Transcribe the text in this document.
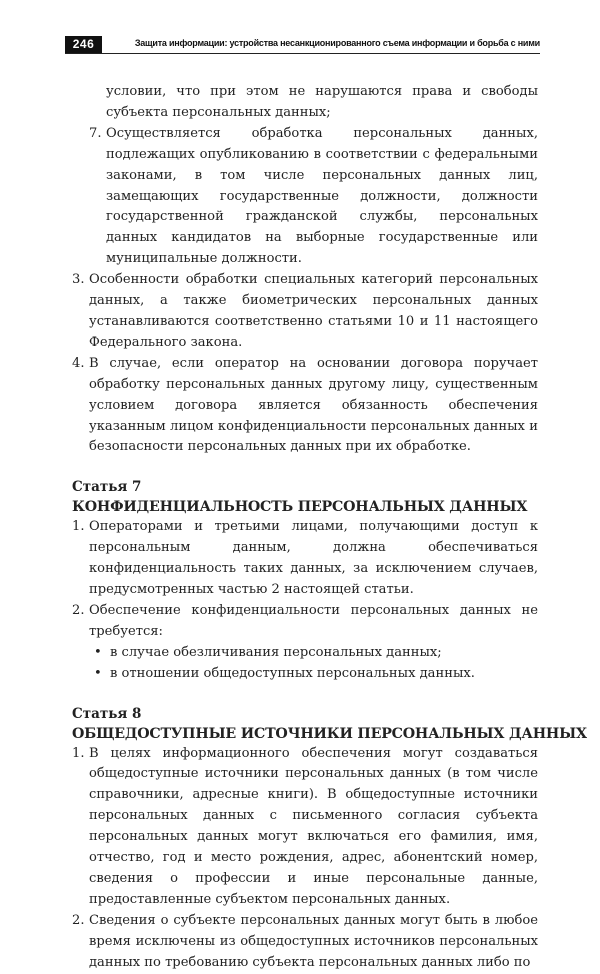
246	Защита информации: устройства несанкционированного съема информации и борьба с ними

условии, что при этом не нарушаются права и свободы субъекта персональных данных;

7. Осуществляется обработка персональных данных, подлежащих опубликованию в соответствии с федеральными законами, в том числе персональных данных лиц, замещающих государственные должности, должности государственной гражданской службы, персональных данных кандидатов на выборные государственные или муниципальные должности.
3. Особенности обработки специальных категорий персональных данных, а также биометрических персональных данных устанавливаются соответственно статьями 10 и 11 настоящего Федерального закона.
4. В случае, если оператор на основании договора поручает обработку персональных данных другому лицу, существенным условием договора является обязанность обеспечения указанным лицом конфиденциальности персональных данных и безопасности персональных данных при их обработке.
Статья 7
КОНФИДЕНЦИАЛЬНОСТЬ ПЕРСОНАЛЬНЫХ ДАННЫХ
1. Операторами и третьими лицами, получающими доступ к персональным данным, должна обеспечиваться конфиденциальность таких данных, за исключением случаев, предусмотренных частью 2 настоящей статьи.
2. Обеспечение конфиденциальности персональных данных не требуется:
• в случае обезличивания персональных данных;
• в отношении общедоступных персональных данных.
Статья 8
ОБЩЕДОСТУПНЫЕ ИСТОЧНИКИ ПЕРСОНАЛЬНЫХ ДАННЫХ
1. В целях информационного обеспечения могут создаваться общедоступные источники персональных данных (в том числе справочники, адресные книги). В общедоступные источники персональных данных с письменного согласия субъекта персональных данных могут включаться его фамилия, имя, отчество, год и место рождения, адрес, абонентский номер, сведения о профессии и иные персональные данные, предоставленные субъектом персональных данных.
2. Сведения о субъекте персональных данных могут быть в любое время исключены из общедоступных источников персональных данных по требованию субъекта персональных данных либо по
